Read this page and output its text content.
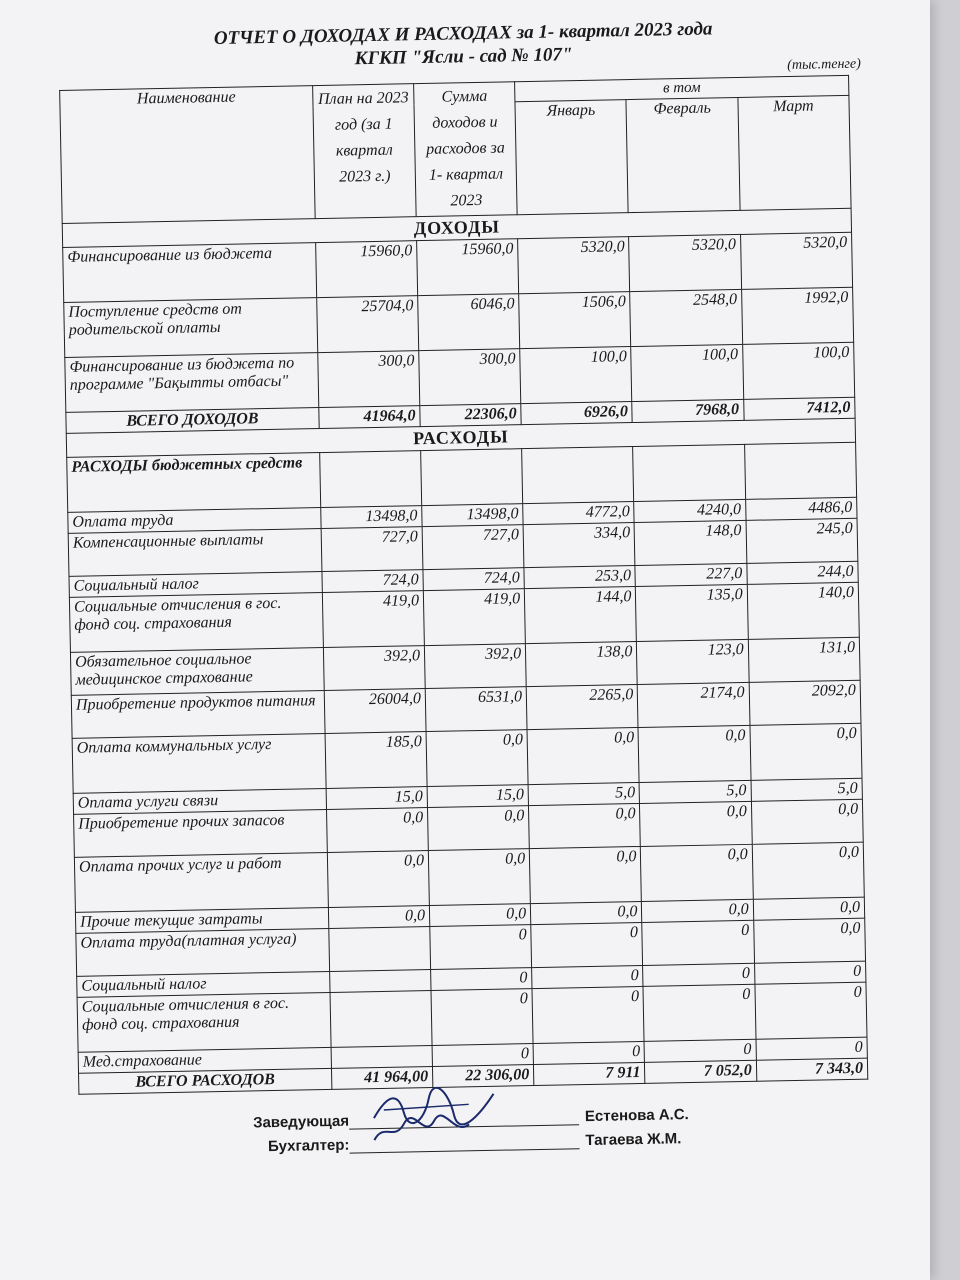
ОТЧЕТ О ДОХОДАХ И РАСХОДАХ за 1- квартал 2023 года

КГКП "Ясли - сад № 107"	(тыс.тенге)
Наименование	План на 2023 год (за 1 квартал 2023 г.)	Сумма доходов и расходов за 1- квартал 2023	в том		
			Январь	Февраль	Март
ДОХОДЫ					
Финансирование из бюджета	15960,0	15960,0	5320,0	5320,0	5320,0
Поступление средств от родительской оплаты	25704,0	6046,0	1506,0	2548,0	1992,0
Финансирование из бюджета по программе "Бақытты отбасы"	300,0	300,0	100,0	100,0	100,0
ВСЕГО ДОХОДОВ	41964,0	22306,0	6926,0	7968,0	7412,0
РАСХОДЫ					
РАСХОДЫ бюджетных средств					
Оплата труда	13498,0	13498,0	4772,0	4240,0	4486,0
Компенсационные выплаты	727,0	727,0	334,0	148,0	245,0
Социальный налог	724,0	724,0	253,0	227,0	244,0
Социальные отчисления в гос. фонд соц. страхования	419,0	419,0	144,0	135,0	140,0
Обязательное социальное медицинское страхование	392,0	392,0	138,0	123,0	131,0
Приобретение продуктов питания	26004,0	6531,0	2265,0	2174,0	2092,0
Оплата коммунальных услуг	185,0	0,0	0,0	0,0	0,0
Оплата услуги связи	15,0	15,0	5,0	5,0	5,0
Приобретение прочих запасов	0,0	0,0	0,0	0,0	0,0
Оплата прочих услуг и работ	0,0	0,0	0,0	0,0	0,0
Прочие текущие затраты	0,0	0,0	0,0	0,0	0,0
Оплата труда(платная услуга)		0	0	0	0,0
Социальный налог		0	0	0	0
Социальные отчисления в гос. фонд соц. страхования		0	0	0	0
Мед.страхование		0	0	0	0
ВСЕГО РАСХОДОВ	41 964,00	22 306,00	7 911	7 052,0	7 343,0
Заведующая	Естенова А.С.
Бухгалтер:	Тагаева Ж.М.
